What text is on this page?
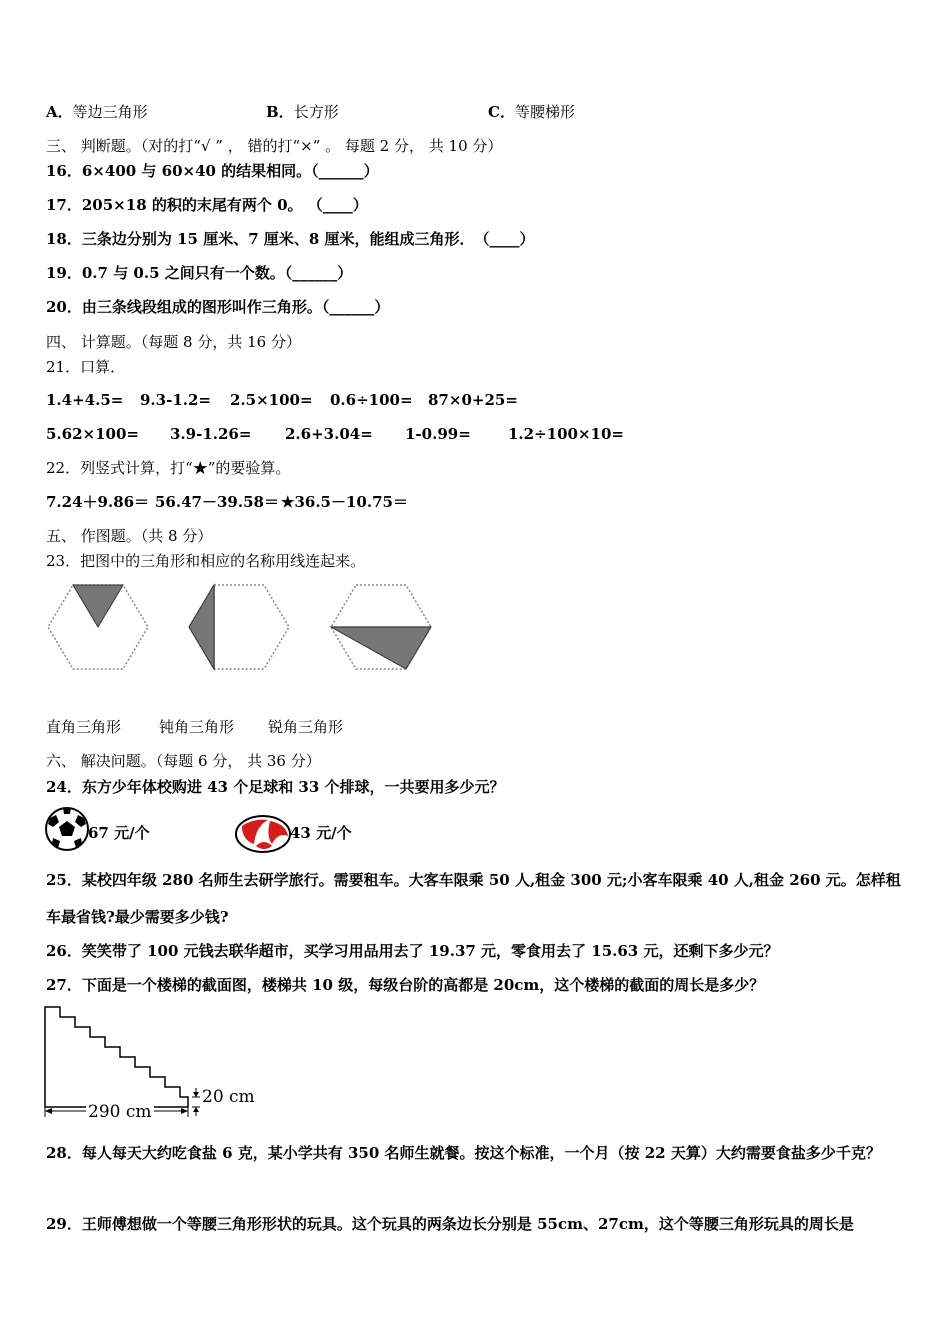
A．等边三角形	B．长方形	C．等腰梯形
三、 判断题。（对的打“√ ” ， 错的打“×” 。 每题 2 分， 共 10 分）
16．6×400 与 60×40 的结果相同。（______）
17．205×18 的积的末尾有两个 0。 （____）
18．三条边分别为 15 厘米、7 厘米、8 厘米，能组成三角形．　（____）
19．0.7 与 0.5 之间只有一个数。（______）
20．由三条线段组成的图形叫作三角形。（______）
四、 计算题。（每题 8 分，共 16 分）
21．口算．
1.4+4.5= 9.3-1.2= 2.5×100= 0.6÷100= 87×0+25=
5.62×100= 3.9-1.26= 2.6+3.04= 1-0.99= 1.2÷100×10=
22．列竖式计算，打“★”的要验算。
7.24＋9.86＝ 56.47－39.58＝ ★36.5－10.75＝
五、 作图题。（共 8 分）
23．把图中的三角形和相应的名称用线连起来。
直角三角形	钝角三角形 锐角三角形
六、 解决问题。（每题 6 分， 共 36 分）
24．东方少年体校购进 43 个足球和 33 个排球，一共要用多少元？
67 元/个	43 元/个
25．某校四年级 280 名师生去研学旅行。需要租车。大客车限乘 50 人,租金 300 元;小客车限乘 40 人,租金 260 元。怎样租车最省钱?最少需要多少钱?
26．笑笑带了 100 元钱去联华超市，买学习用品用去了 19.37 元，零食用去了 15.63 元，还剩下多少元？
27．下面是一个楼梯的截面图，楼梯共 10 级，每级台阶的高都是 20cm，这个楼梯的截面的周长是多少？
290 cm
20 cm
28．每人每天大约吃食盐 6 克，某小学共有 350 名师生就餐。按这个标准，一个月（按 22 天算）大约需要食盐多少千克？
29．王师傅想做一个等腰三角形形状的玩具。这个玩具的两条边长分别是 55cm、27cm，这个等腰三角形玩具的周长是
